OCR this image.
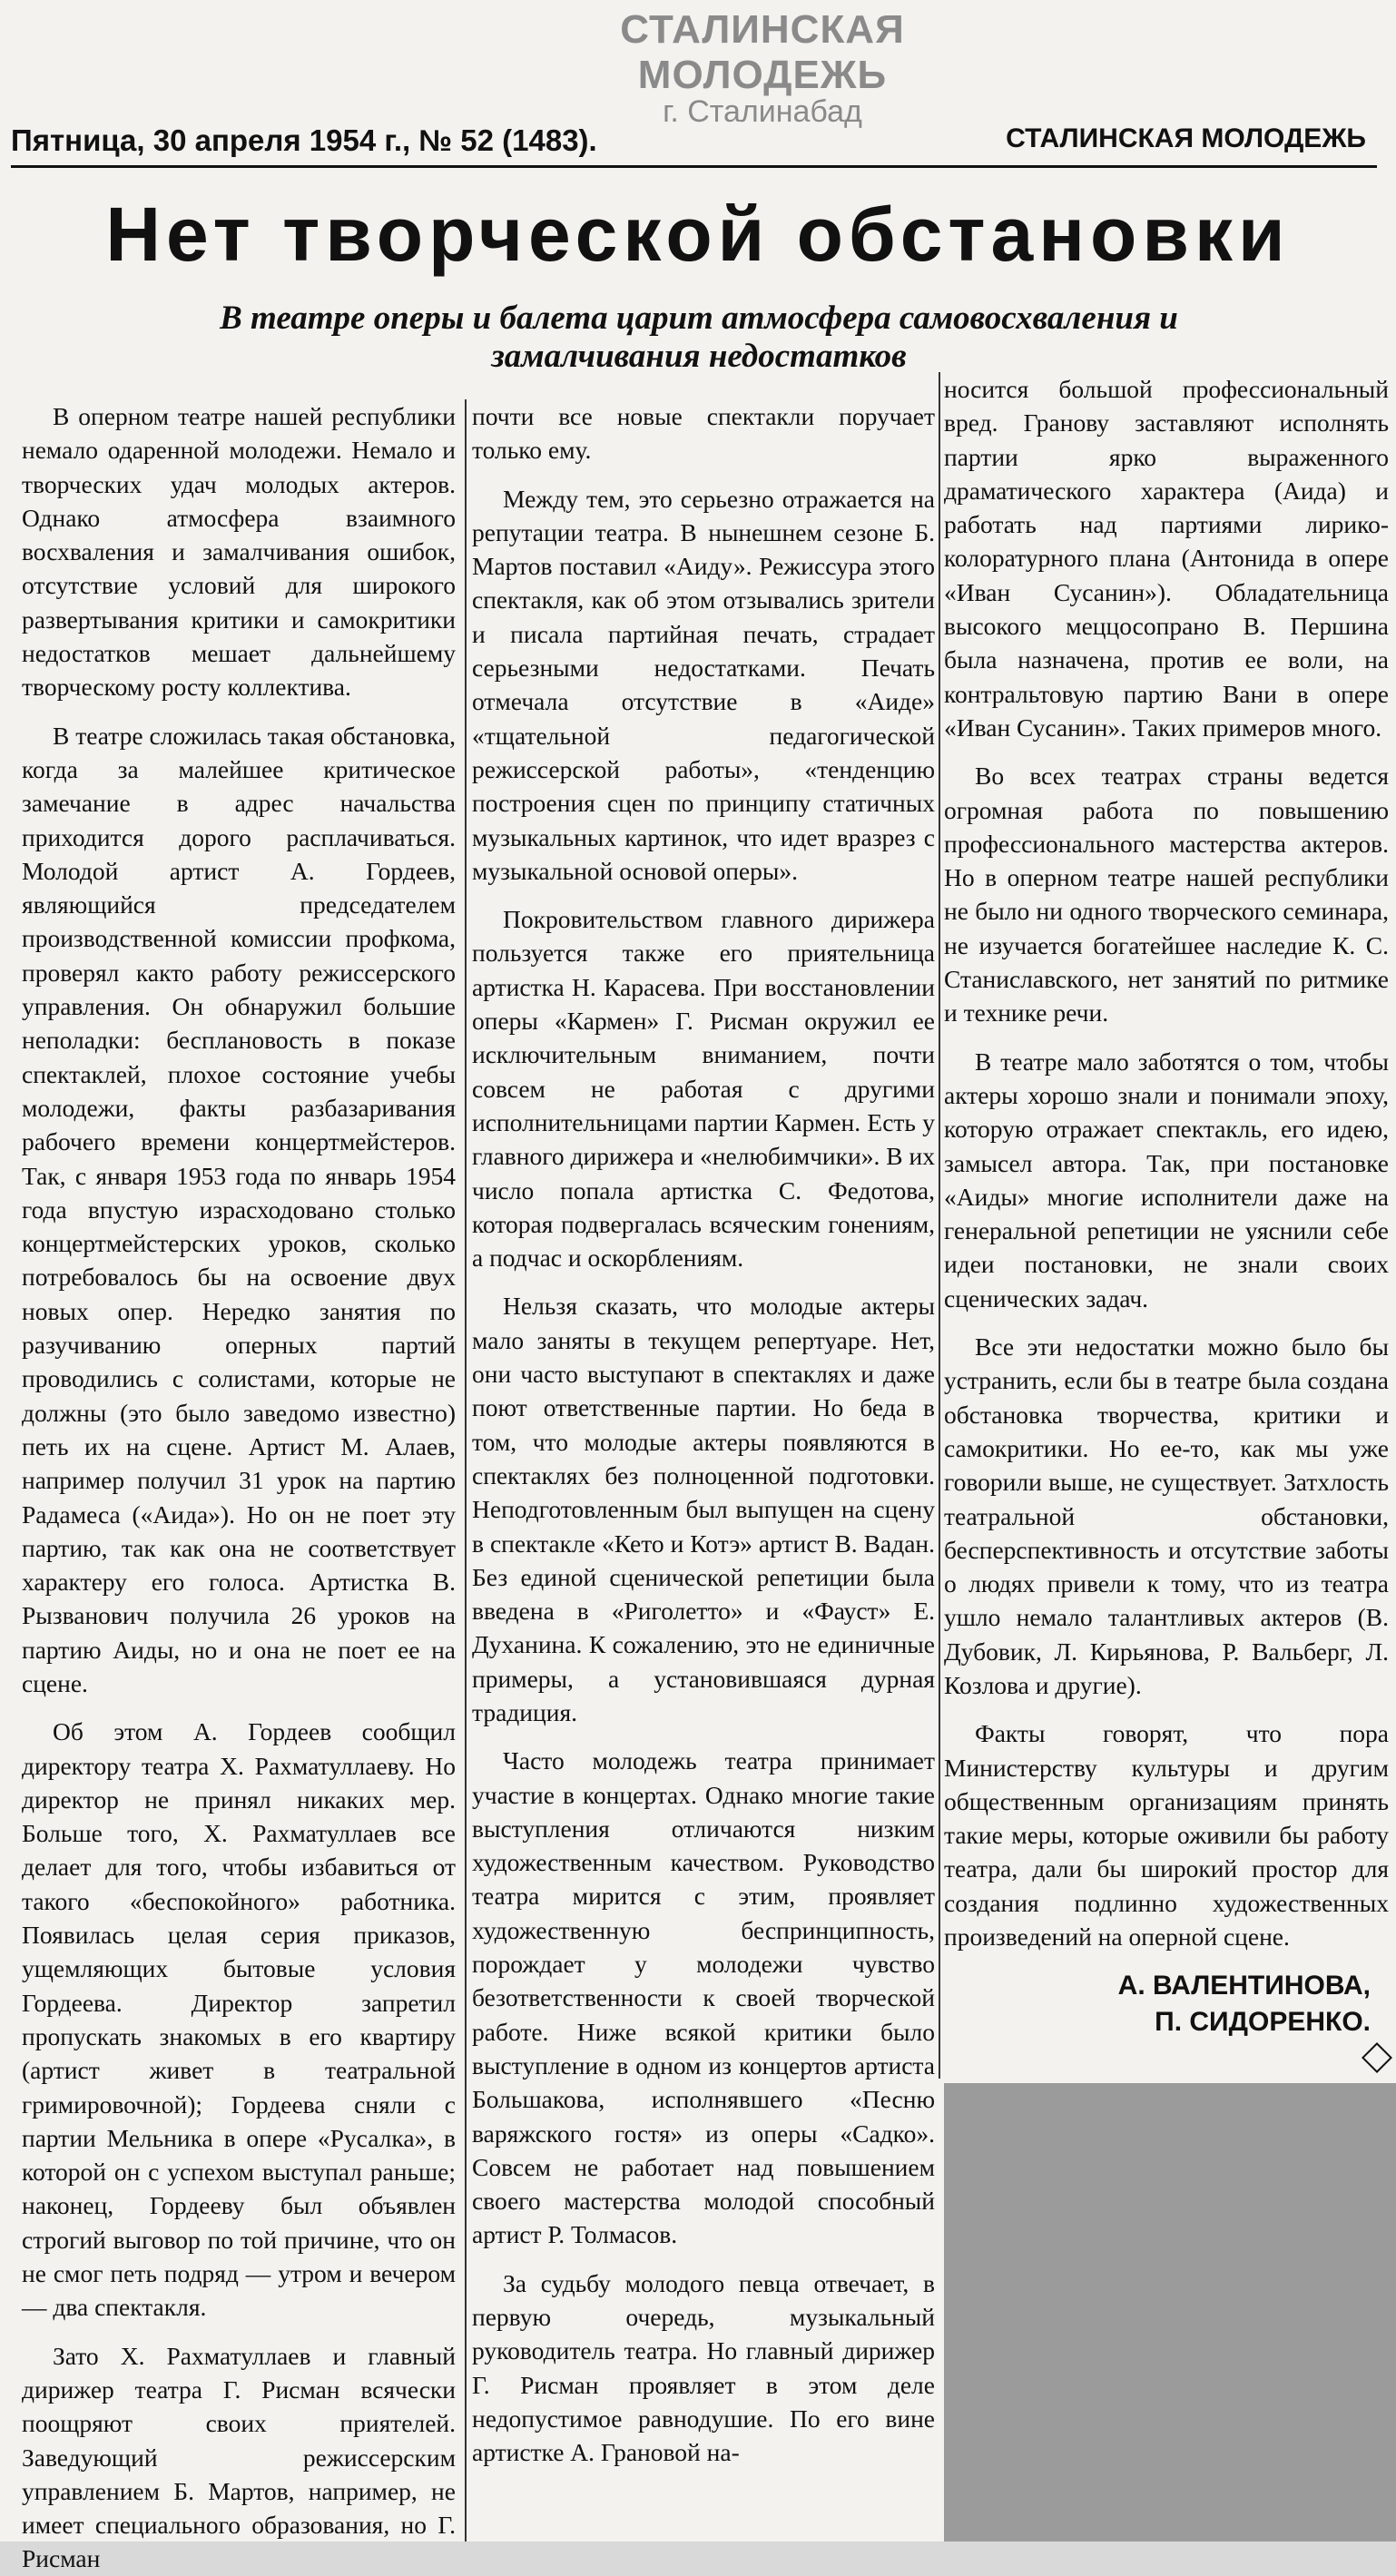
СТАЛИНСКАЯ МОЛОДЕЖЬ
г. Сталинабад
Пятница, 30 апреля 1954 г., № 52 (1483).	СТАЛИНСКАЯ МОЛОДЕЖЬ
Нет творческой обстановки
В театре оперы и балета царит атмосфера самовосхваления и замалчивания недостатков

В оперном театре нашей республики немало одаренной молодежи. Немало и творческих удач молодых актеров. Однако атмосфера взаимного восхваления и замалчивания ошибок, отсутствие условий для широкого развертывания критики и самокритики недостатков мешает дальнейшему творческому росту коллектива.

В театре сложилась такая обстановка, когда за малейшее критическое замечание в адрес начальства приходится дорого расплачиваться. Молодой артист А. Гордеев, являющийся председателем производственной комиссии профкома, проверял както работу режиссерского управления. Он обнаружил большие неполадки: бесплановость в показе спектаклей, плохое состояние учебы молодежи, факты разбазаривания рабочего времени концертмейстеров. Так, с января 1953 года по январь 1954 года впустую израсходовано столько концертмейстерских уроков, сколько потребовалось бы на освоение двух новых опер. Нередко занятия по разучиванию оперных партий проводились с солистами, которые не должны (это было заведомо известно) петь их на сцене. Артист М. Алаев, например получил 31 урок на партию Радамеса («Аида»). Но он не поет эту партию, так как она не соответствует характеру его голоса. Артистка В. Рызванович получила 26 уроков на партию Аиды, но и она не поет ее на сцене.

Об этом А. Гордеев сообщил директору театра Х. Рахматуллаеву. Но директор не принял никаких мер. Больше того, Х. Рахматуллаев все делает для того, чтобы избавиться от такого «беспокойного» работника. Появилась целая серия приказов, ущемляющих бытовые условия Гордеева. Директор запретил пропускать знакомых в его квартиру (артист живет в театральной гримировочной); Гордеева сняли с партии Мельника в опере «Русалка», в которой он с успехом выступал раньше; наконец, Гордееву был объявлен строгий выговор по той причине, что он не смог петь подряд — утром и вечером — два спектакля.

Зато Х. Рахматуллаев и главный дирижер театра Г. Рисман всячески поощряют своих приятелей. Заведующий режиссерским управлением Б. Мартов, например, не имеет специального образования, но Г. Рисман

почти все новые спектакли поручает только ему.

Между тем, это серьезно отражается на репутации театра. В нынешнем сезоне Б. Мартов поставил «Аиду». Режиссура этого спектакля, как об этом отзывались зрители и писала партийная печать, страдает серьезными недостатками. Печать отмечала отсутствие в «Аиде» «тщательной педагогической режиссерской работы», «тенденцию построения сцен по принципу статичных музыкальных картинок, что идет вразрез с музыкальной основой оперы».

Покровительством главного дирижера пользуется также его приятельница артистка Н. Карасева. При восстановлении оперы «Кармен» Г. Рисман окружил ее исключительным вниманием, почти совсем не работая с другими исполнительницами партии Кармен. Есть у главного дирижера и «нелюбимчики». В их число попала артистка С. Федотова, которая подвергалась всяческим гонениям, а подчас и оскорблениям.

Нельзя сказать, что молодые актеры мало заняты в текущем репертуаре. Нет, они часто выступают в спектаклях и даже поют ответственные партии. Но беда в том, что молодые актеры появляются в спектаклях без полноценной подготовки. Неподготовленным был выпущен на сцену в спектакле «Кето и Котэ» артист В. Вадан. Без единой сценической репетиции была введена в «Риголетто» и «Фауст» Е. Духанина. К сожалению, это не единичные примеры, а установившаяся дурная традиция.

Часто молодежь театра принимает участие в концертах. Однако многие такие выступления отличаются низким художественным качеством. Руководство театра мирится с этим, проявляет художественную беспринципность, порождает у молодежи чувство безответственности к своей творческой работе. Ниже всякой критики было выступление в одном из концертов артиста Большакова, исполнявшего «Песню варяжского гостя» из оперы «Садко». Совсем не работает над повышением своего мастерства молодой способный артист Р. Толмасов.

За судьбу молодого певца отвечает, в первую очередь, музыкальный руководитель театра. Но главный дирижер Г. Рисман проявляет в этом деле недопустимое равнодушие. По его вине артистке А. Грановой на-

носится большой профессиональный вред. Гранову заставляют исполнять партии ярко выраженного драматического характера (Аида) и работать над партиями лирико-колоратурного плана (Антонида в опере «Иван Сусанин»). Обладательница высокого меццосопрано В. Першина была назначена, против ее воли, на контральтовую партию Вани в опере «Иван Сусанин». Таких примеров много.

Во всех театрах страны ведется огромная работа по повышению профессионального мастерства актеров. Но в оперном театре нашей республики не было ни одного творческого семинара, не изучается богатейшее наследие К. С. Станиславского, нет занятий по ритмике и технике речи.

В театре мало заботятся о том, чтобы актеры хорошо знали и понимали эпоху, которую отражает спектакль, его идею, замысел автора. Так, при постановке «Аиды» многие исполнители даже на генеральной репетиции не уяснили себе идеи постановки, не знали своих сценических задач.

Все эти недостатки можно было бы устранить, если бы в театре была создана обстановка творчества, критики и самокритики. Но ее-то, как мы уже говорили выше, не существует. Затхлость театральной обстановки, бесперспективность и отсутствие заботы о людях привели к тому, что из театра ушло немало талантливых актеров (В. Дубовик, Л. Кирьянова, Р. Вальберг, Л. Козлова и другие).

Факты говорят, что пора Министерству культуры и другим общественным организациям принять такие меры, которые оживили бы работу театра, дали бы широкий простор для создания подлинно художественных произведений на оперной сцене.

А. ВАЛЕНТИНОВА,
П. СИДОРЕНКО.
